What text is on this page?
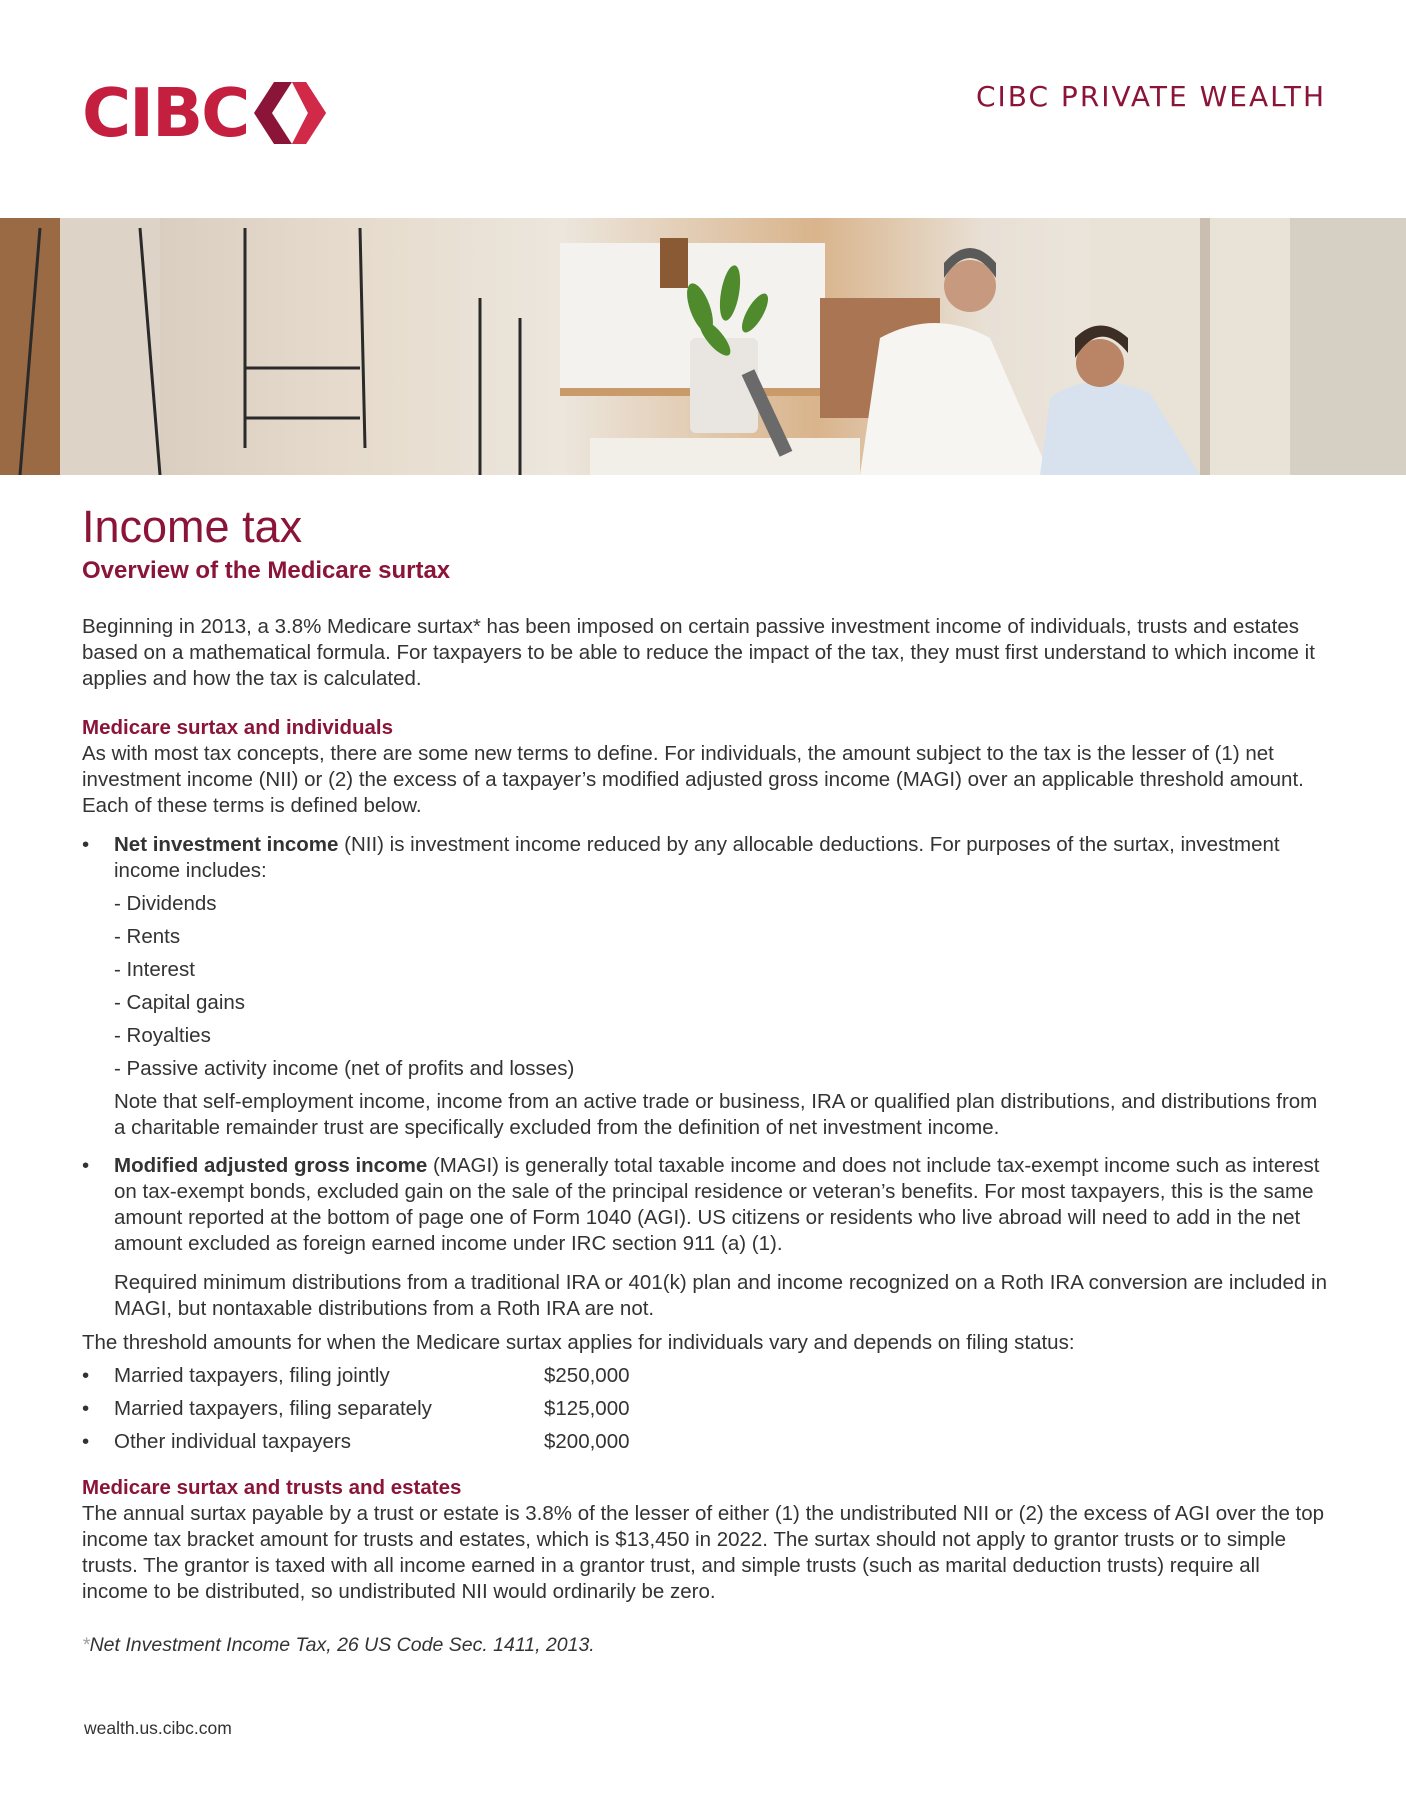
CIBC	CIBC PRIVATE WEALTH
Income tax
Overview of the Medicare surtax

Beginning in 2013, a 3.8% Medicare surtax* has been imposed on certain passive investment income of individuals, trusts and estates based on a mathematical formula. For taxpayers to be able to reduce the impact of the tax, they must first understand to which income it applies and how the tax is calculated.

Medicare surtax and individuals

As with most tax concepts, there are some new terms to define. For individuals, the amount subject to the tax is the lesser of (1) net investment income (NII) or (2) the excess of a taxpayer’s modified adjusted gross income (MAGI) over an applicable threshold amount. Each of these terms is defined below.

• Net investment income (NII) is investment income reduced by any allocable deductions. For purposes of the surtax, investment income includes:
- Dividends
- Rents
- Interest
- Capital gains
- Royalties
- Passive activity income (net of profits and losses)

Note that self-employment income, income from an active trade or business, IRA or qualified plan distributions, and distributions from a charitable remainder trust are specifically excluded from the definition of net investment income.

• Modified adjusted gross income (MAGI) is generally total taxable income and does not include tax-exempt income such as interest on tax-exempt bonds, excluded gain on the sale of the principal residence or veteran’s benefits. For most taxpayers, this is the same amount reported at the bottom of page one of Form 1040 (AGI). US citizens or residents who live abroad will need to add in the net amount excluded as foreign earned income under IRC section 911 (a) (1).

Required minimum distributions from a traditional IRA or 401(k) plan and income recognized on a Roth IRA conversion are included in MAGI, but nontaxable distributions from a Roth IRA are not.

The threshold amounts for when the Medicare surtax applies for individuals vary and depends on filing status:

• Married taxpayers, filing jointly	$250,000
• Married taxpayers, filing separately	$125,000
• Other individual taxpayers	$200,000
Medicare surtax and trusts and estates

The annual surtax payable by a trust or estate is 3.8% of the lesser of either (1) the undistributed NII or (2) the excess of AGI over the top income tax bracket amount for trusts and estates, which is $13,450 in 2022. The surtax should not apply to grantor trusts or to simple trusts. The grantor is taxed with all income earned in a grantor trust, and simple trusts (such as marital deduction trusts) require all income to be distributed, so undistributed NII would ordinarily be zero.

*Net Investment Income Tax, 26 US Code Sec. 1411, 2013.

wealth.us.cibc.com
